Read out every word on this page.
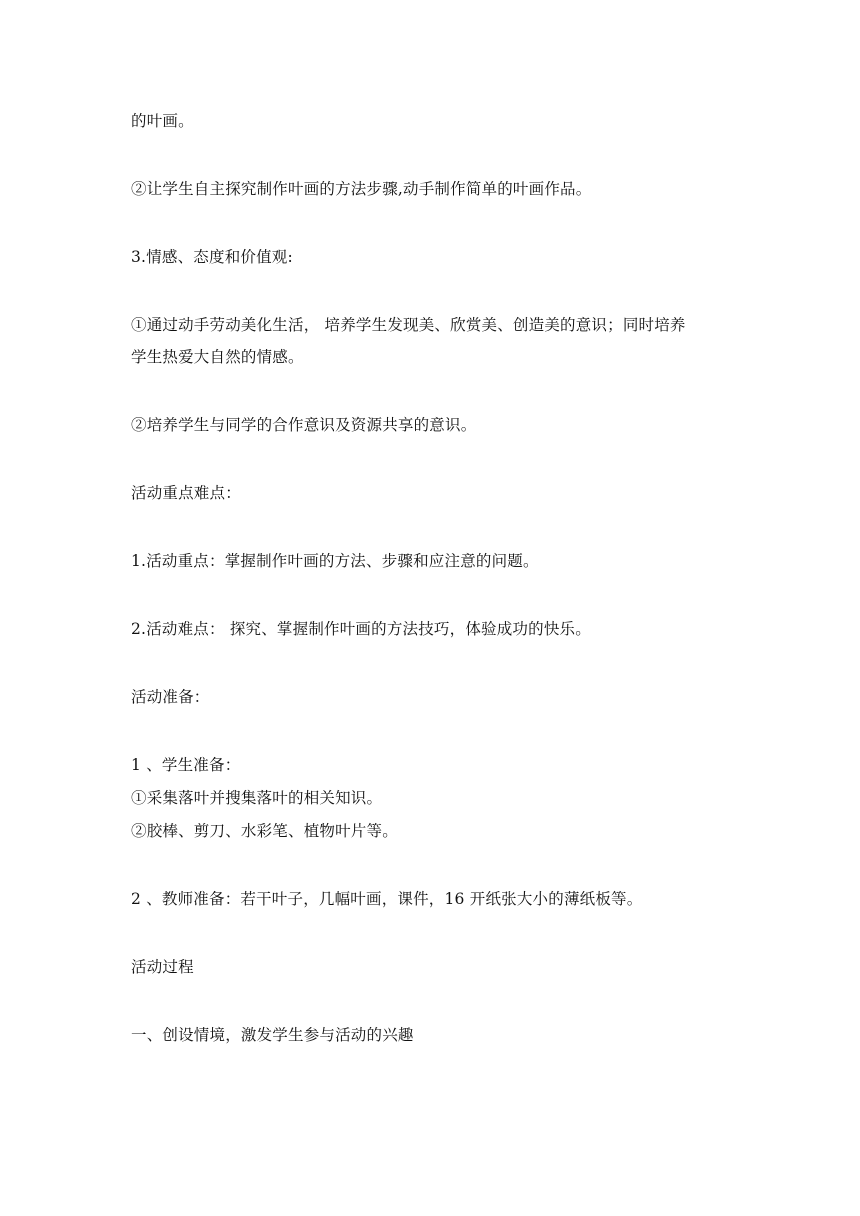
的叶画。
②让学生自主探究制作叶画的方法步骤,动手制作简单的叶画作品。
3.情感、态度和价值观:
①通过动手劳动美化生活， 培养学生发现美、欣赏美、创造美的意识；同时培养
学生热爱大自然的情感。
②培养学生与同学的合作意识及资源共享的意识。
活动重点难点：
1.活动重点：掌握制作叶画的方法、步骤和应注意的问题。
2.活动难点： 探究、掌握制作叶画的方法技巧，体验成功的快乐。
活动准备：
1 、学生准备：
①采集落叶并搜集落叶的相关知识。
②胶棒、剪刀、水彩笔、植物叶片等。
2 、教师准备：若干叶子，几幅叶画，课件，16 开纸张大小的薄纸板等。
活动过程
一、创设情境，激发学生参与活动的兴趣
